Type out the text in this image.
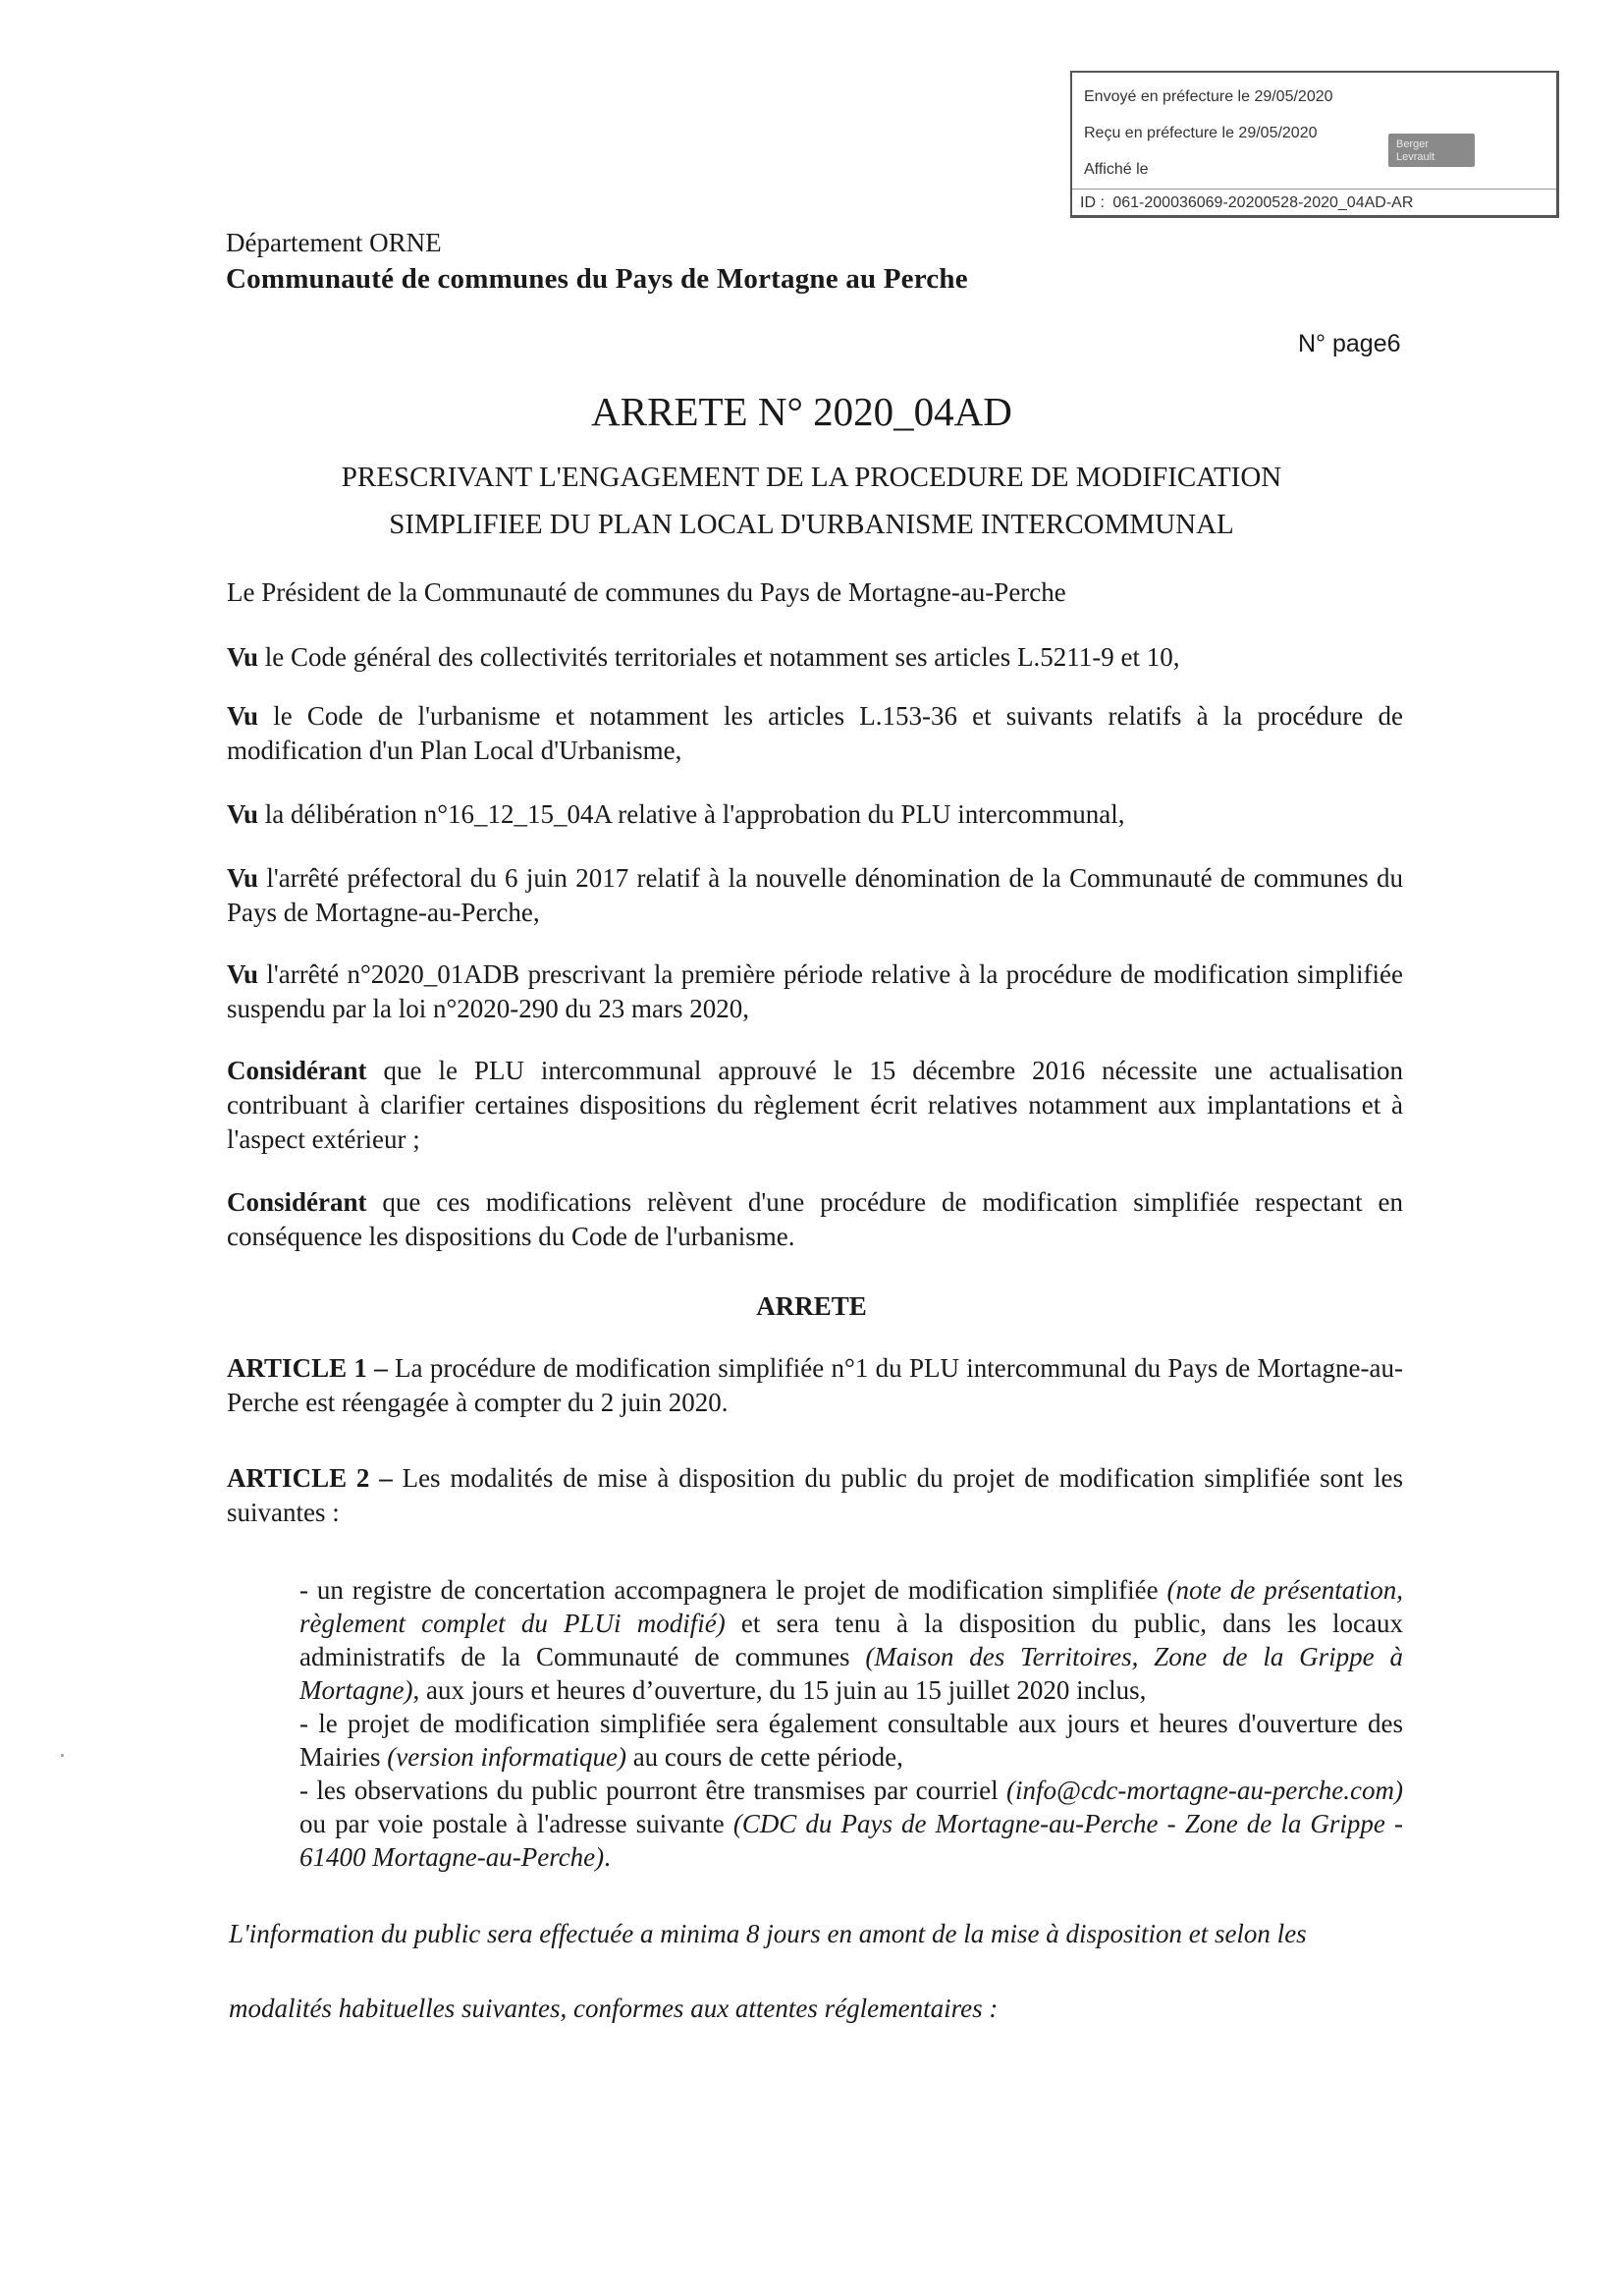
Envoyé en préfecture le 29/05/2020
Reçu en préfecture le 29/05/2020
Affiché le
Berger
Levrault
ID : 061-200036069-20200528-2020_04AD-AR
Département ORNE
Communauté de communes du Pays de Mortagne au Perche
N° page6
ARRETE N° 2020_04AD
PRESCRIVANT L'ENGAGEMENT DE LA PROCEDURE DE MODIFICATION
SIMPLIFIEE DU PLAN LOCAL D'URBANISME INTERCOMMUNAL
Le Président de la Communauté de communes du Pays de Mortagne-au-Perche
Vu le Code général des collectivités territoriales et notamment ses articles L.5211-9 et 10,
Vu le Code de l'urbanisme et notamment les articles L.153-36 et suivants relatifs à la procédure de modification d'un Plan Local d'Urbanisme,
Vu la délibération n°16_12_15_04A relative à l'approbation du PLU intercommunal,
Vu l'arrêté préfectoral du 6 juin 2017 relatif à la nouvelle dénomination de la Communauté de communes du Pays de Mortagne-au-Perche,
Vu l'arrêté n°2020_01ADB prescrivant la première période relative à la procédure de modification simplifiée suspendu par la loi n°2020-290 du 23 mars 2020,
Considérant que le PLU intercommunal approuvé le 15 décembre 2016 nécessite une actualisation contribuant à clarifier certaines dispositions du règlement écrit relatives notamment aux implantations et à l'aspect extérieur ;
Considérant que ces modifications relèvent d'une procédure de modification simplifiée respectant en conséquence les dispositions du Code de l'urbanisme.
ARRETE
ARTICLE 1 – La procédure de modification simplifiée n°1 du PLU intercommunal du Pays de Mortagne-au-Perche est réengagée à compter du 2 juin 2020.
ARTICLE 2 – Les modalités de mise à disposition du public du projet de modification simplifiée sont les suivantes :
- un registre de concertation accompagnera le projet de modification simplifiée (note de présentation, règlement complet du PLUi modifié) et sera tenu à la disposition du public, dans les locaux administratifs de la Communauté de communes (Maison des Territoires, Zone de la Grippe à Mortagne), aux jours et heures d’ouverture, du 15 juin au 15 juillet 2020 inclus,
- le projet de modification simplifiée sera également consultable aux jours et heures d'ouverture des Mairies (version informatique) au cours de cette période,
- les observations du public pourront être transmises par courriel (info@cdc-mortagne-au-perche.com) ou par voie postale à l'adresse suivante (CDC du Pays de Mortagne-au-Perche - Zone de la Grippe - 61400 Mortagne-au-Perche).
L'information du public sera effectuée a minima 8 jours en amont de la mise à disposition et selon les
modalités habituelles suivantes, conformes aux attentes réglementaires :
